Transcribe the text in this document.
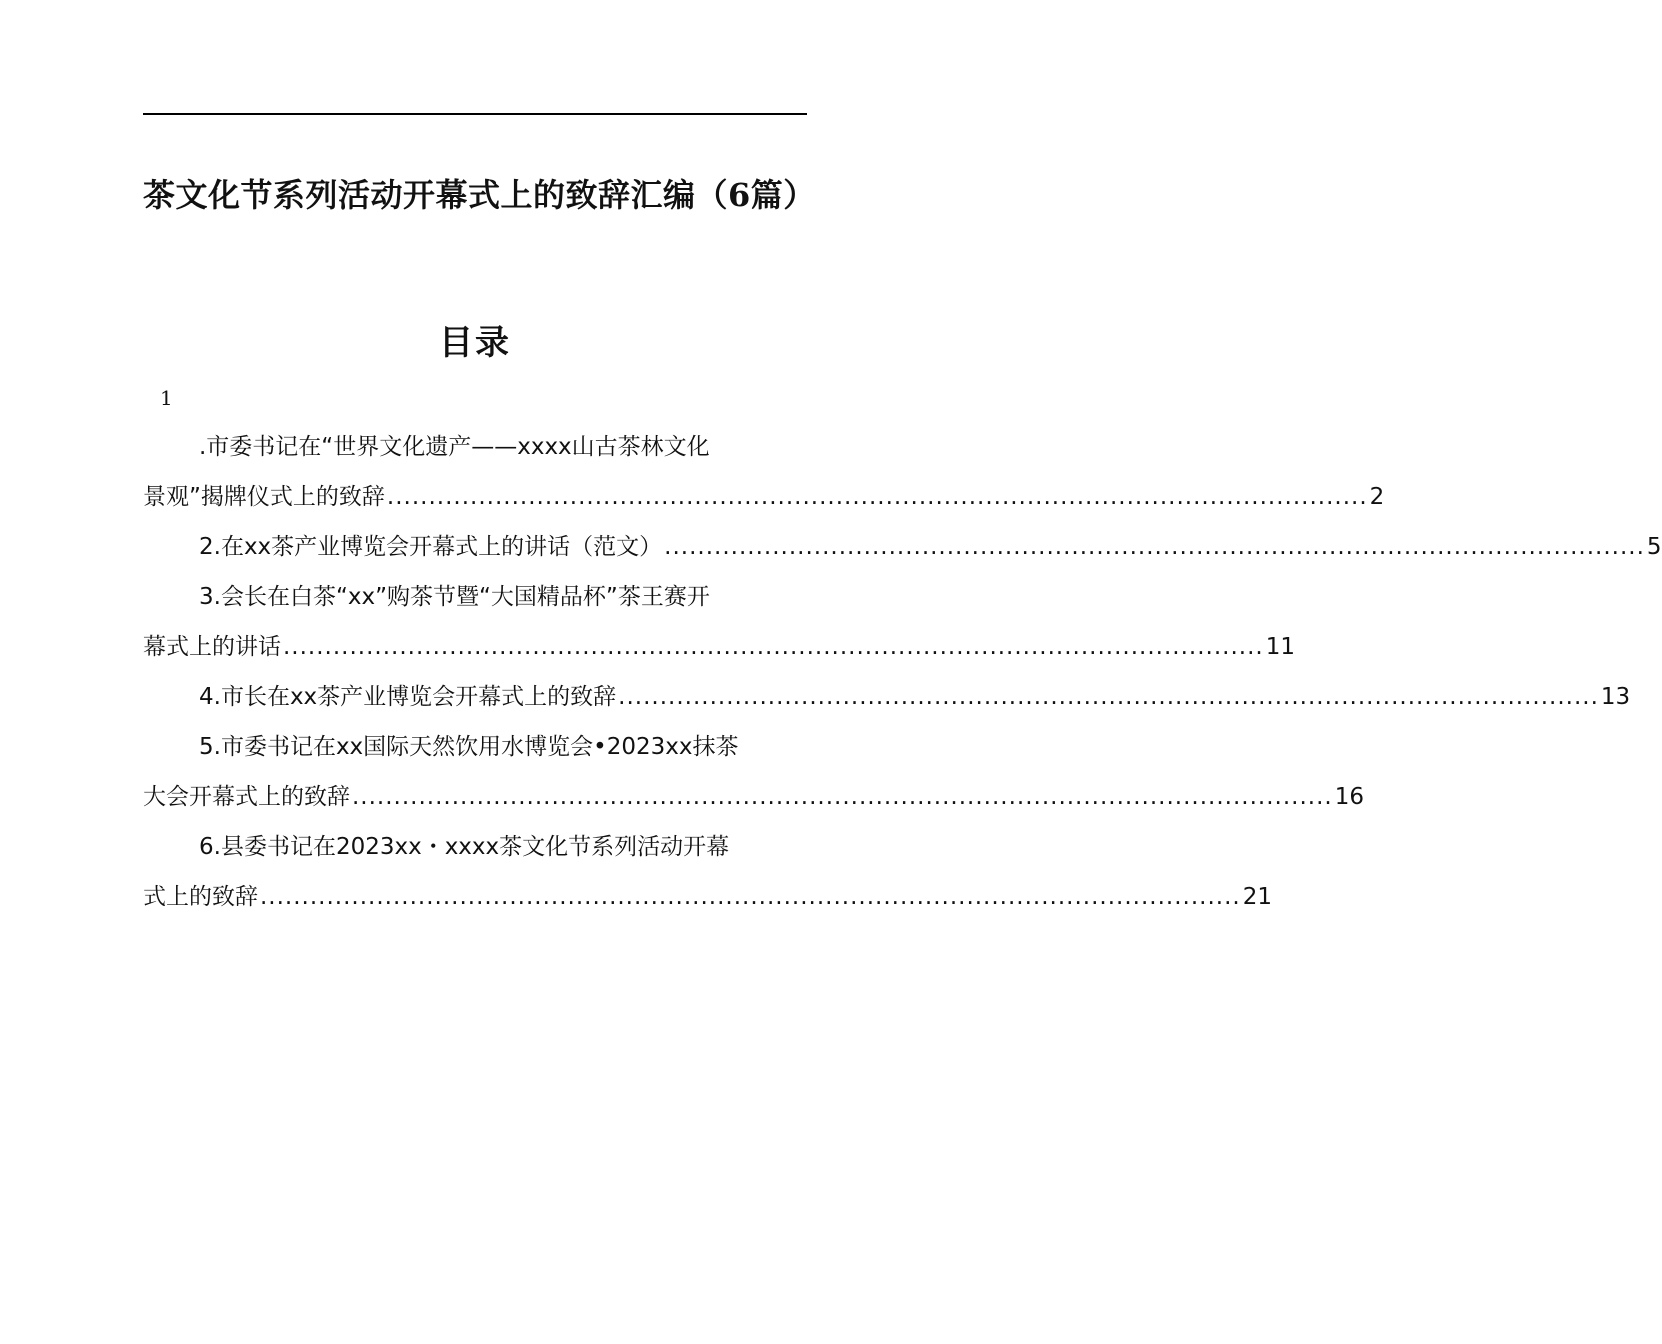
茶文化节系列活动开幕式上的致辞汇编（6篇）
目录
1
.市委书记在“世界文化遗产——xxxx山古茶林文化
景观”揭牌仪式上的致辞 ...................................................................................................................... 2
2.在xx茶产业博览会开幕式上的讲话（范文） ...................................................................................................................... 5
3.会长在白茶“xx”购茶节暨“大国精品杯”茶王赛开
幕式上的讲话 ...................................................................................................................... 11
4.市长在xx茶产业博览会开幕式上的致辞 ...................................................................................................................... 13
5.市委书记在xx国际天然饮用水博览会•2023xx抹茶
大会开幕式上的致辞 ...................................................................................................................... 16
6.县委书记在2023xx・xxxx茶文化节系列活动开幕
式上的致辞 ...................................................................................................................... 21
